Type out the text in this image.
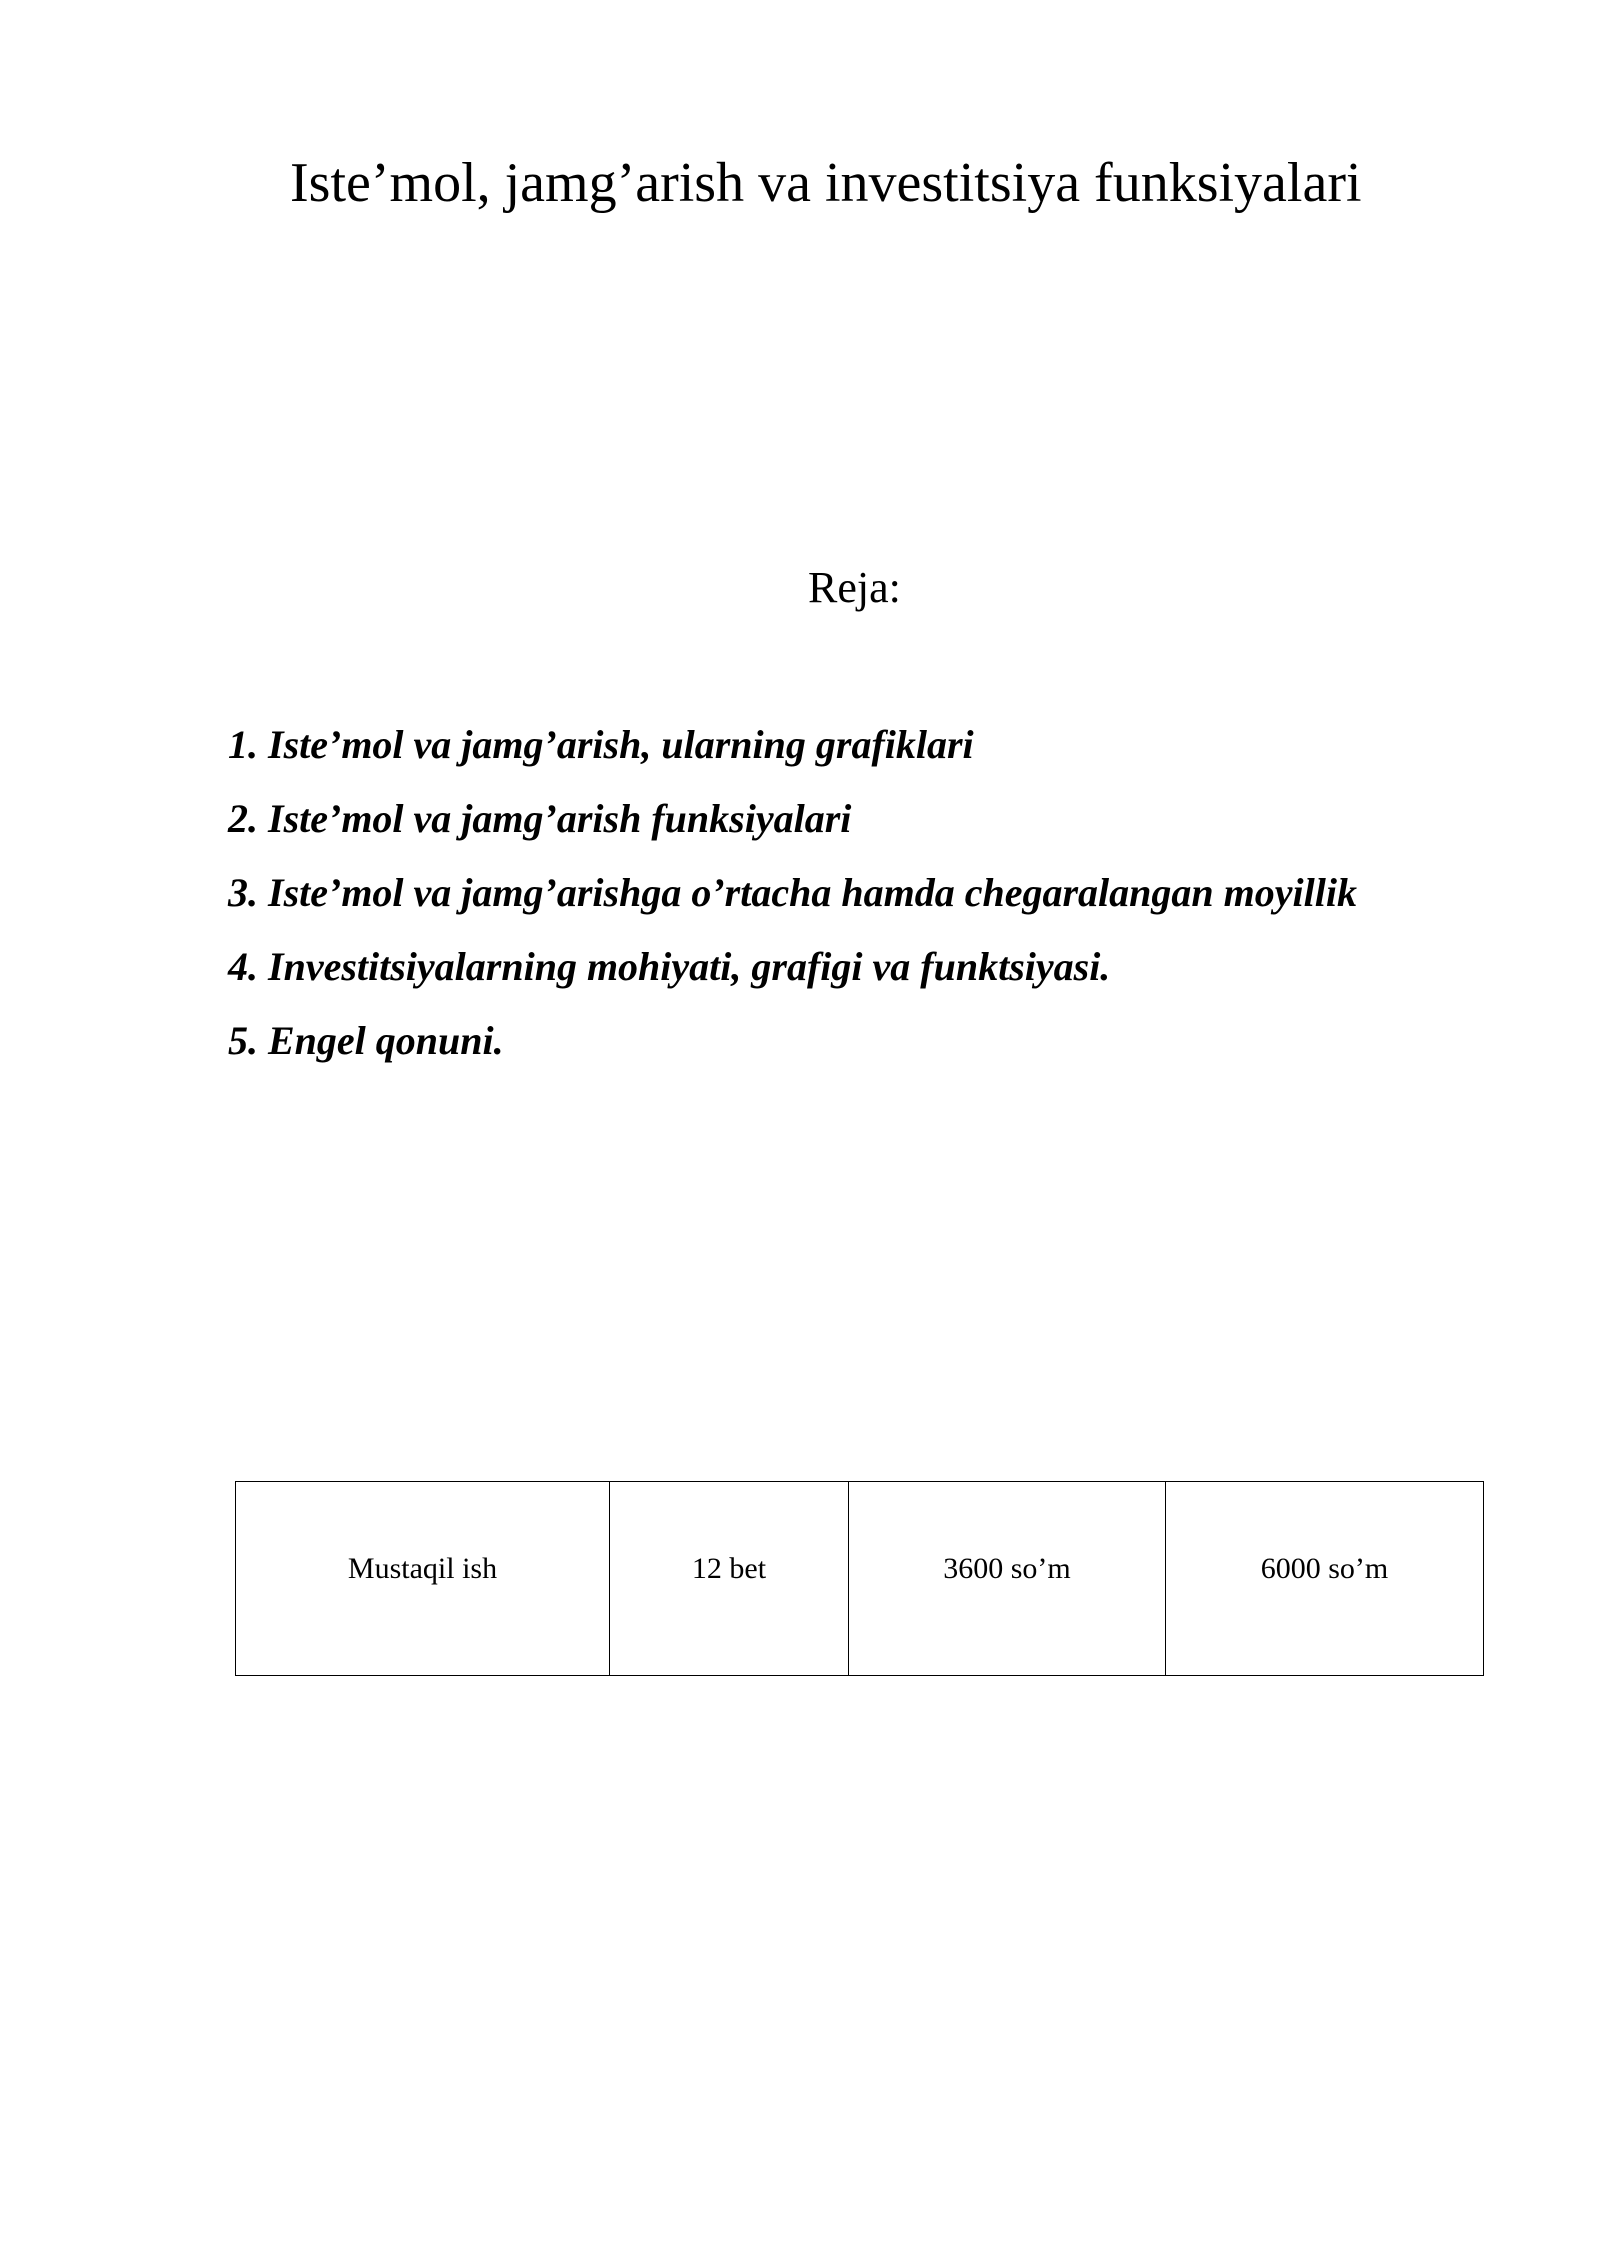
Iste’mol, jamg’arish va investitsiya funksiyalari
Reja:
1. Iste’mol va jamg’arish, ularning grafiklari
2. Iste’mol va jamg’arish funksiyalari
3. Iste’mol va jamg’arishga o’rtacha hamda chegaralangan moyillik
4. Investitsiyalarning mohiyati, grafigi va funktsiyasi.
5. Engel qonuni.
Mustaqil ish	12 bet	3600 so’m	6000 so’m
